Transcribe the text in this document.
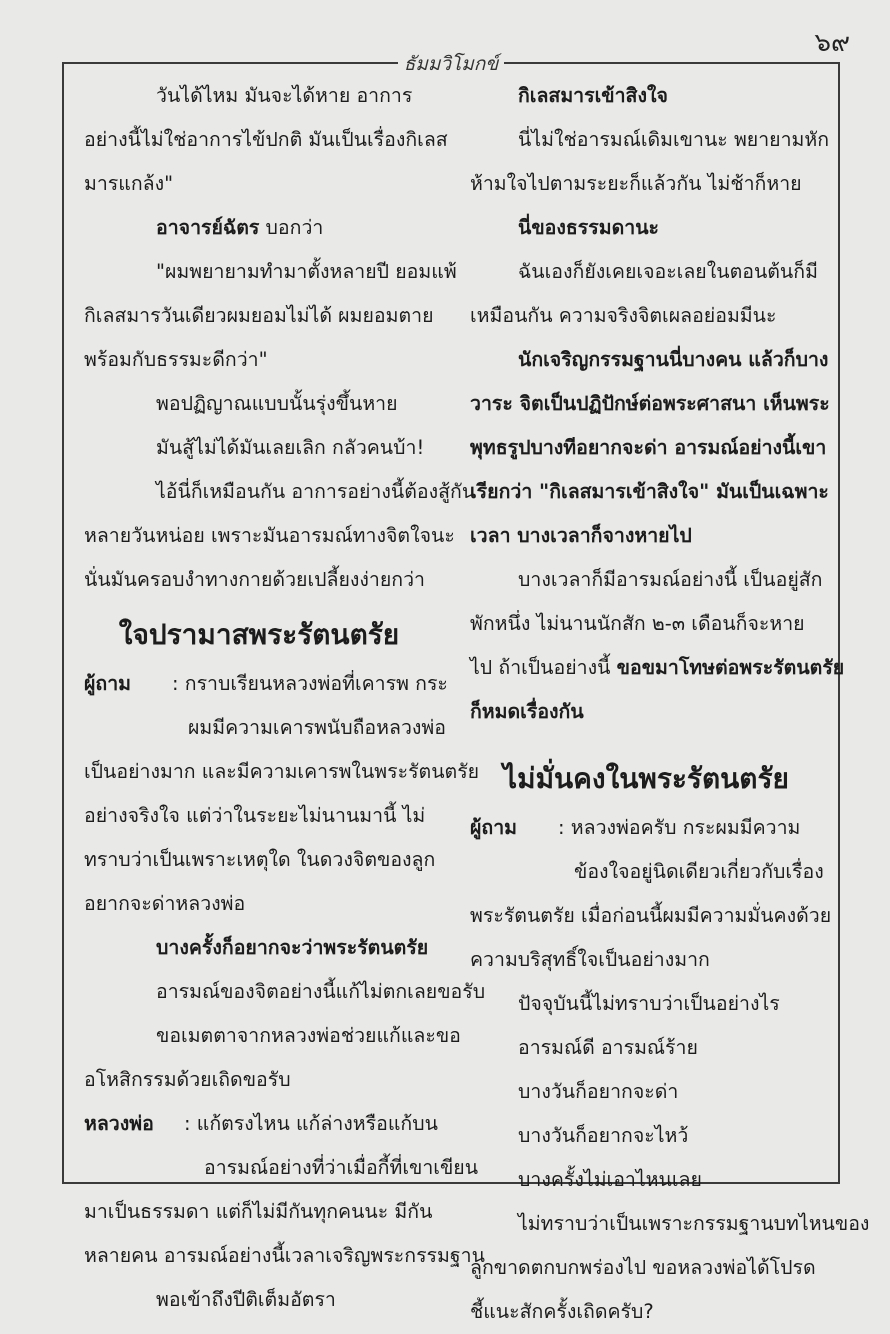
๖๙
ธัมมวิโมกข์

วันได้ไหม มันจะได้หาย อาการ

อย่างนี้ไม่ใช่อาการไข้ปกติ มันเป็นเรื่องกิเลส

มารแกล้ง"

อาจารย์ฉัตร บอกว่า

"ผมพยายามทำมาตั้งหลายปี ยอมแพ้

กิเลสมารวันเดียวผมยอมไม่ได้ ผมยอมตาย

พร้อมกับธรรมะดีกว่า"

พอปฏิญาณแบบนั้นรุ่งขึ้นหาย

มันสู้ไม่ได้มันเลยเลิก กลัวคนบ้า!

ไอ้นี่ก็เหมือนกัน อาการอย่างนี้ต้องสู้กัน

หลายวันหน่อย เพราะมันอารมณ์ทางจิตใจนะ

นั่นมันครอบงำทางกายด้วยเปลี้ยงง่ายกว่า

ใจปรามาสพระรัตนตรัย

ผู้ถาม : กราบเรียนหลวงพ่อที่เคารพ กระ

ผมมีความเคารพนับถือหลวงพ่อ

เป็นอย่างมาก และมีความเคารพในพระรัตนตรัย

อย่างจริงใจ แต่ว่าในระยะไม่นานมานี้ ไม่

ทราบว่าเป็นเพราะเหตุใด ในดวงจิตของลูก

อยากจะด่าหลวงพ่อ

บางครั้งก็อยากจะว่าพระรัตนตรัย

อารมณ์ของจิตอย่างนี้แก้ไม่ตกเลยขอรับ

ขอเมตตาจากหลวงพ่อช่วยแก้และขอ

อโหสิกรรมด้วยเถิดขอรับ

หลวงพ่อ : แก้ตรงไหน แก้ล่างหรือแก้บน

อารมณ์อย่างที่ว่าเมื่อกี้ที่เขาเขียน

มาเป็นธรรมดา แต่ก็ไม่มีกันทุกคนนะ มีกัน

หลายคน อารมณ์อย่างนี้เวลาเจริญพระกรรมฐาน

พอเข้าถึงปีติเต็มอัตรา

กิเลสมารเข้าสิงใจ

นี่ไม่ใช่อารมณ์เดิมเขานะ พยายามหัก

ห้ามใจไปตามระยะก็แล้วกัน ไม่ช้าก็หาย

นี่ของธรรมดานะ

ฉันเองก็ยังเคยเจอะเลยในตอนต้นก็มี

เหมือนกัน ความจริงจิตเผลอย่อมมีนะ

นักเจริญกรรมฐานนี่บางคน แล้วก็บาง

วาระ จิตเป็นปฏิปักษ์ต่อพระศาสนา เห็นพระ

พุทธรูปบางทีอยากจะด่า อารมณ์อย่างนี้เขา

เรียกว่า "กิเลสมารเข้าสิงใจ" มันเป็นเฉพาะ

เวลา บางเวลาก็จางหายไป

บางเวลาก็มีอารมณ์อย่างนี้ เป็นอยู่สัก

พักหนึ่ง ไม่นานนักสัก ๒-๓ เดือนก็จะหาย

ไป ถ้าเป็นอย่างนี้ ขอขมาโทษต่อพระรัตนตรัย

ก็หมดเรื่องกัน

ไม่มั่นคงในพระรัตนตรัย

ผู้ถาม : หลวงพ่อครับ กระผมมีความ

ข้องใจอยู่นิดเดียวเกี่ยวกับเรื่อง

พระรัตนตรัย เมื่อก่อนนี้ผมมีความมั่นคงด้วย

ความบริสุทธิ์ใจเป็นอย่างมาก

ปัจจุบันนี้ไม่ทราบว่าเป็นอย่างไร

อารมณ์ดี อารมณ์ร้าย

บางวันก็อยากจะด่า

บางวันก็อยากจะไหว้

บางครั้งไม่เอาไหนเลย

ไม่ทราบว่าเป็นเพราะกรรมฐานบทไหนของ

ลูกขาดตกบกพร่องไป ขอหลวงพ่อได้โปรด

ชี้แนะสักครั้งเถิดครับ?
